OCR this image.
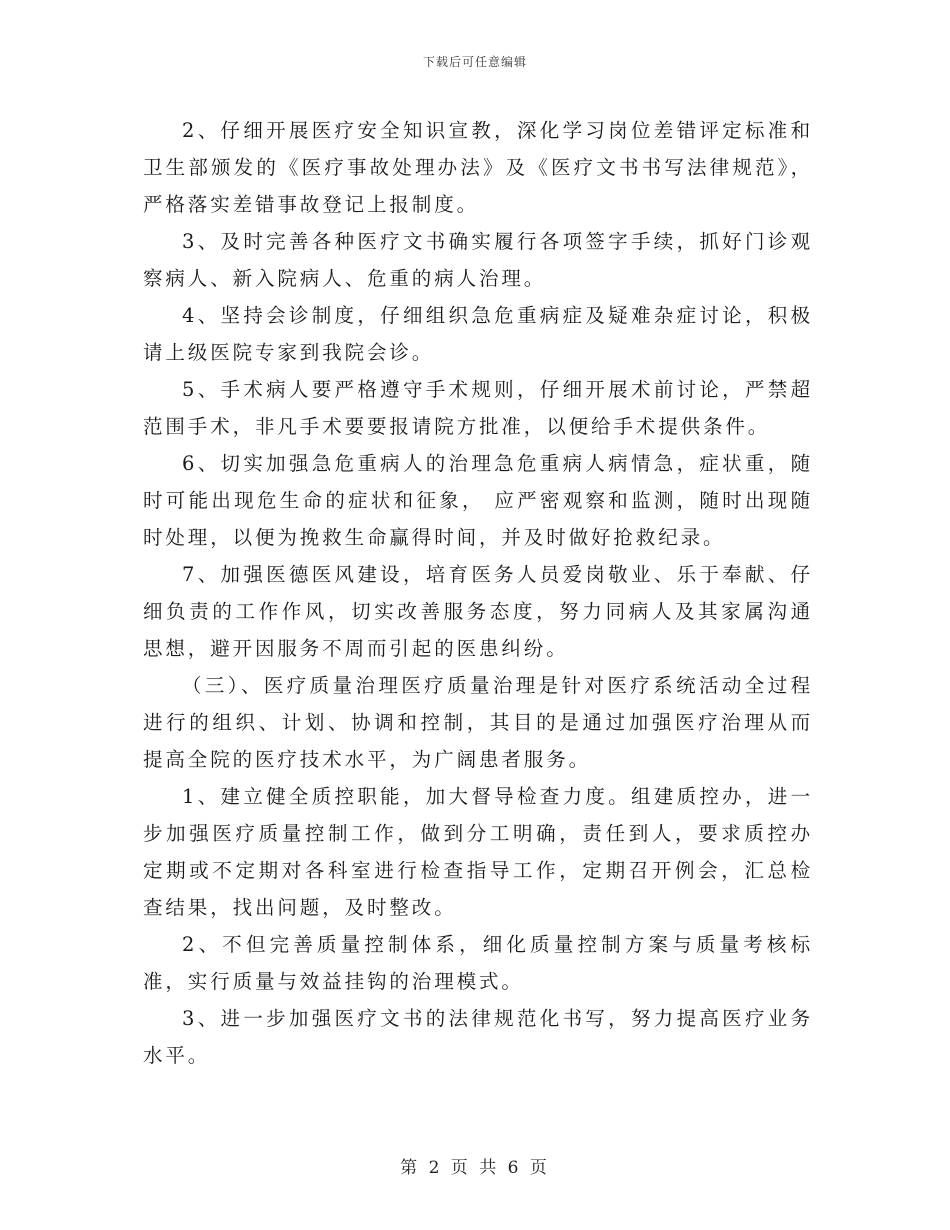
下载后可任意编辑

2、仔细开展医疗安全知识宣教，深化学习岗位差错评定标准和卫生部颁发的《医疗事故处理办法》及《医疗文书书写法律规范》，严格落实差错事故登记上报制度。

3、及时完善各种医疗文书确实履行各项签字手续，抓好门诊观察病人、新入院病人、危重的病人治理。

4、坚持会诊制度，仔细组织急危重病症及疑难杂症讨论，积极请上级医院专家到我院会诊。

5、手术病人要严格遵守手术规则，仔细开展术前讨论，严禁超范围手术，非凡手术要要报请院方批准，以便给手术提供条件。

6、切实加强急危重病人的治理急危重病人病情急，症状重，随时可能出现危生命的症状和征象， 应严密观察和监测，随时出现随时处理，以便为挽救生命赢得时间，并及时做好抢救纪录。

7、加强医德医风建设，培育医务人员爱岗敬业、乐于奉献、仔细负责的工作作风，切实改善服务态度，努力同病人及其家属沟通思想，避开因服务不周而引起的医患纠纷。

（三）、医疗质量治理医疗质量治理是针对医疗系统活动全过程进行的组织、计划、协调和控制，其目的是通过加强医疗治理从而提高全院的医疗技术水平，为广阔患者服务。

1、建立健全质控职能，加大督导检查力度。组建质控办，进一步加强医疗质量控制工作，做到分工明确，责任到人，要求质控办定期或不定期对各科室进行检查指导工作，定期召开例会，汇总检查结果，找出问题，及时整改。

2、不但完善质量控制体系，细化质量控制方案与质量考核标准，实行质量与效益挂钩的治理模式。

3、进一步加强医疗文书的法律规范化书写，努力提高医疗业务水平。

第 2 页 共 6 页
